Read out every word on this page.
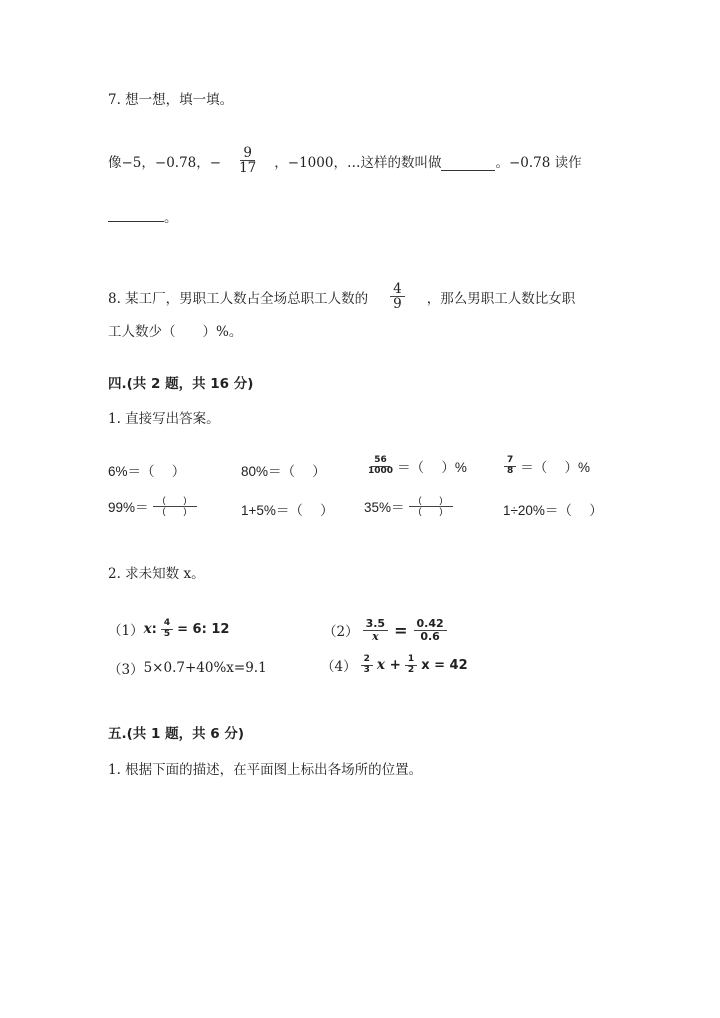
7. 想一想，填一填。
像−5，−0.78，− $\frac{9}{17}$ ，−1000，…这样的数叫做	。−0.78 读作
。
8. 某工厂，男职工人数占全场总职工人数的 $\frac{4}{9}$ ，那么男职工人数比女职
工人数少（　　）%。
四.(共 2 题，共 16 分)
1. 直接写出答案。
6%＝（　 ）	80%＝（　 ）	$\frac{56}{1000}$ ＝（　 ）%	$\frac{7}{8}$ ＝（　 ）%
$99\%= \frac{( )}{( )}$	1+5%＝（　 ） $35\%= \frac{( )}{( )}$	1÷20%＝（　 ）
2. 求未知数 x。
（1） x : $\frac{4}{5} = 6$: 12	$(2) \frac{3.5}{x} = \frac{0.42}{0.6}$
（3） 5×0.7+40%x=9.1	$(4) \frac{2}{3}$ $x + \frac{1}{2}$ x = 42
五.(共 1 题，共 6 分)
1. 根据下面的描述，在平面图上标出各场所的位置。
